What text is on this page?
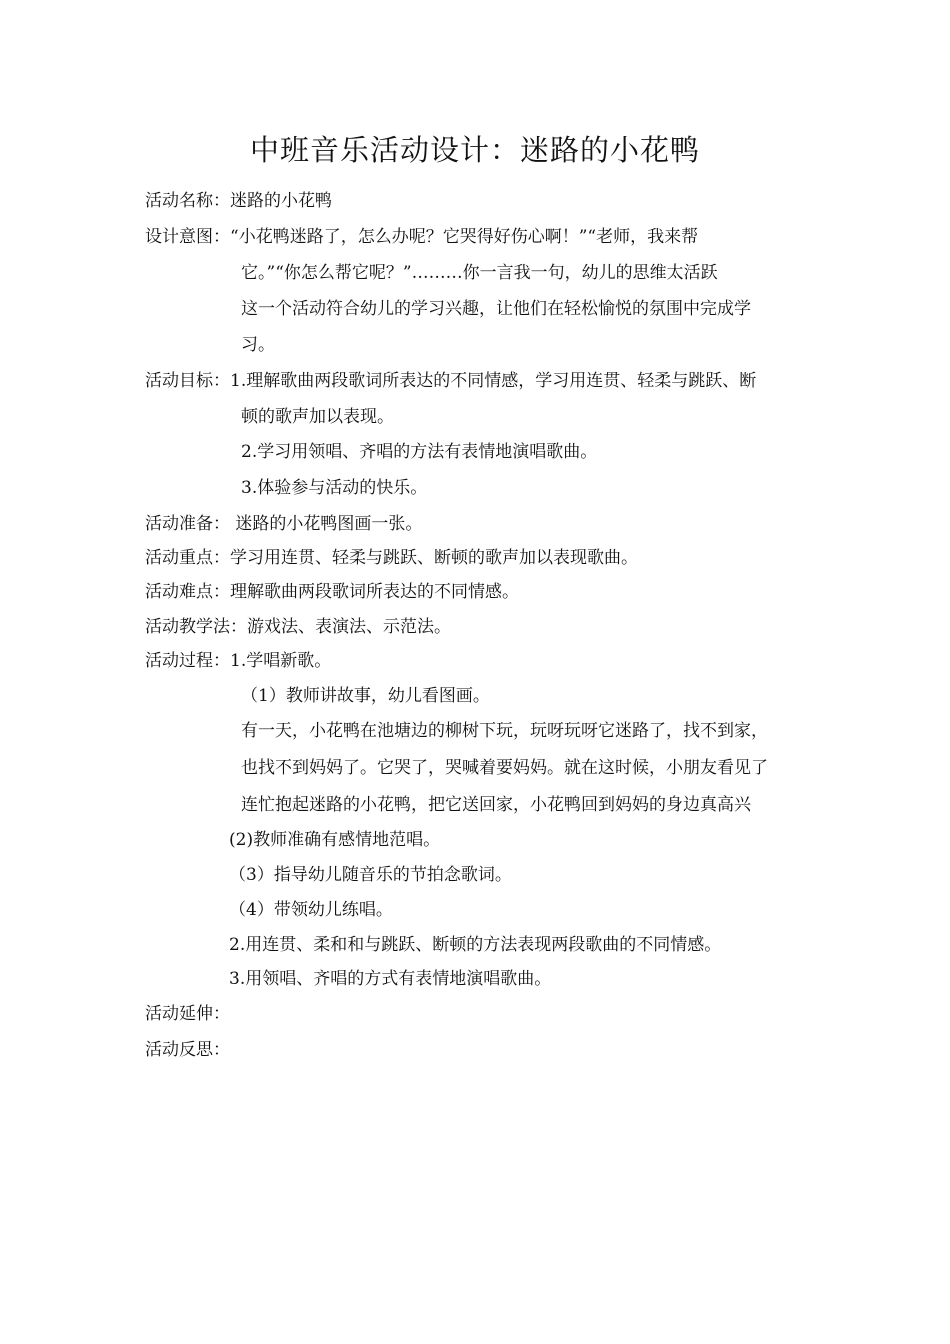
中班音乐活动设计：迷路的小花鸭
活动名称：迷路的小花鸭
设计意图：“小花鸭迷路了，怎么办呢？它哭得好伤心啊！”“老师，我来帮
它。”“你怎么帮它呢？”………你一言我一句，幼儿的思维太活跃
这一个活动符合幼儿的学习兴趣，让他们在轻松愉悦的氛围中完成学
习。
活动目标：1.理解歌曲两段歌词所表达的不同情感，学习用连贯、轻柔与跳跃、断
顿的歌声加以表现。
2.学习用领唱、齐唱的方法有表情地演唱歌曲。
3.体验参与活动的快乐。
活动准备： 迷路的小花鸭图画一张。
活动重点：学习用连贯、轻柔与跳跃、断顿的歌声加以表现歌曲。
活动难点：理解歌曲两段歌词所表达的不同情感。
活动教学法：游戏法、表演法、示范法。
活动过程：1.学唱新歌。
（1）教师讲故事，幼儿看图画。
有一天，小花鸭在池塘边的柳树下玩，玩呀玩呀它迷路了，找不到家，
也找不到妈妈了。它哭了，哭喊着要妈妈。就在这时候，小朋友看见了
连忙抱起迷路的小花鸭，把它送回家，小花鸭回到妈妈的身边真高兴
(2)教师准确有感情地范唱。
（3）指导幼儿随音乐的节拍念歌词。
（4）带领幼儿练唱。
2.用连贯、柔和和与跳跃、断顿的方法表现两段歌曲的不同情感。
3.用领唱、齐唱的方式有表情地演唱歌曲。
活动延伸：
活动反思：
